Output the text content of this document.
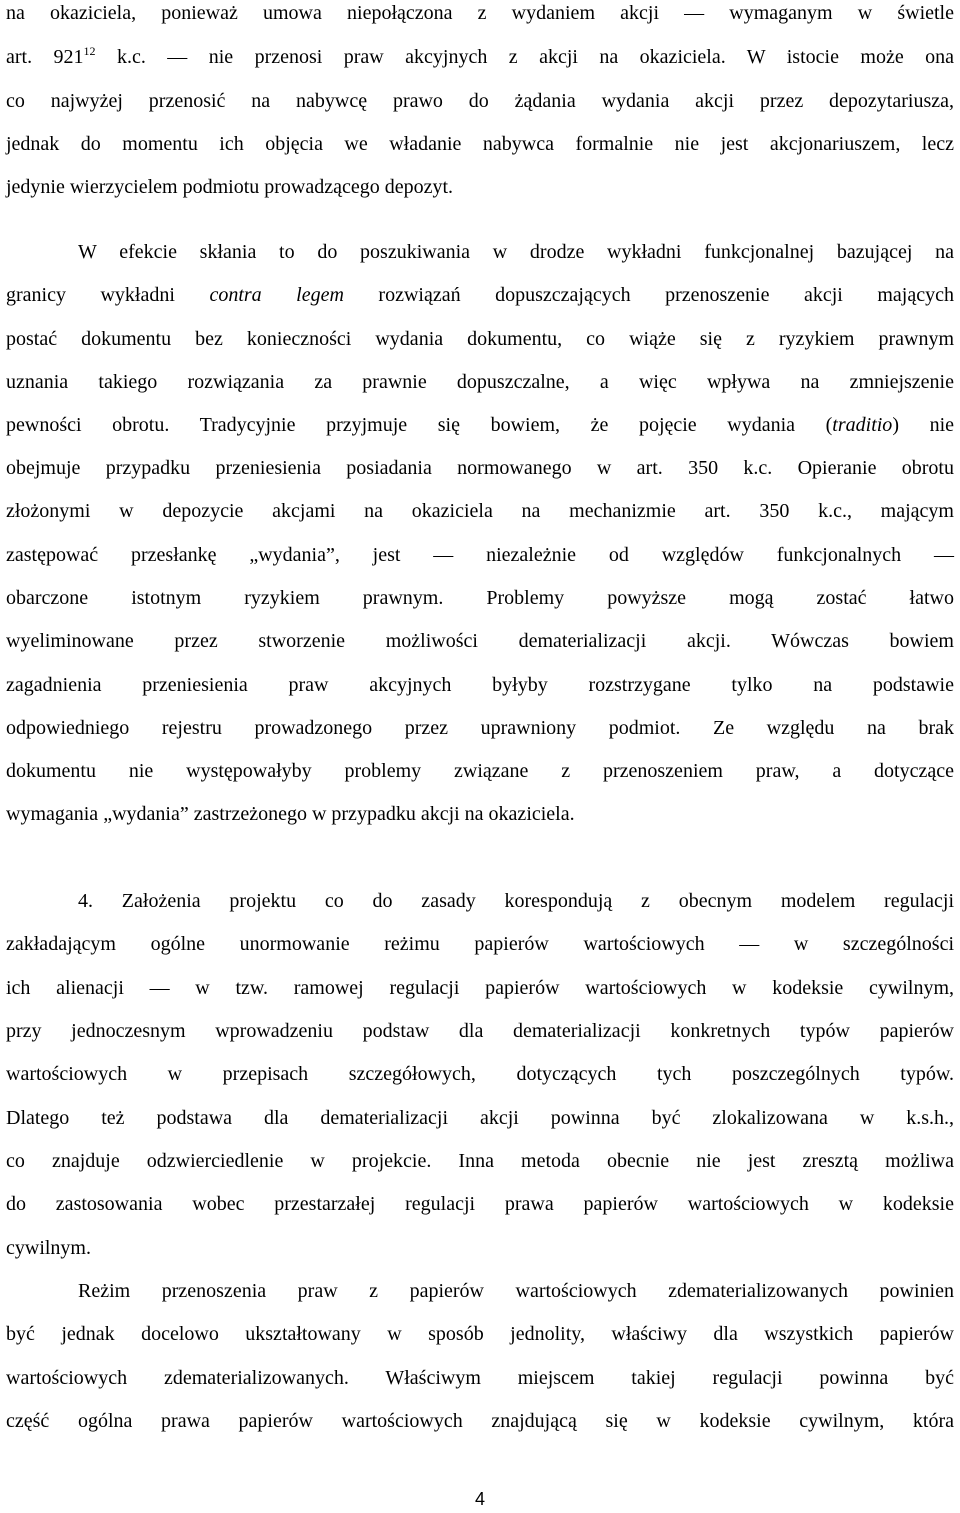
na okaziciela, ponieważ umowa niepołączona z wydaniem akcji — wymaganym w świetle
art. $921^{12}$ k.c. — nie przenosi praw akcyjnych z akcji na okaziciela. W istocie może ona
co najwyżej przenosić na nabywcę prawo do żądania wydania akcji przez depozytariusza,
jednak do momentu ich objęcia we władanie nabywca formalnie nie jest akcjonariuszem, lecz
jedynie wierzycielem podmiotu prowadzącego depozyt.
W efekcie skłania to do poszukiwania w drodze wykładni funkcjonalnej bazującej na
granicy wykładni contra legem rozwiązań dopuszczających przenoszenie akcji mających
postać dokumentu bez konieczności wydania dokumentu, co wiąże się z ryzykiem prawnym
uznania takiego rozwiązania za prawnie dopuszczalne, a więc wpływa na zmniejszenie
pewności obrotu. Tradycyjnie przyjmuje się bowiem, że pojęcie wydania (traditio) nie
obejmuje przypadku przeniesienia posiadania normowanego w art. 350 k.c. Opieranie obrotu
złożonymi w depozycie akcjami na okaziciela na mechanizmie art. 350 k.c., mającym
zastępować przesłankę „wydania”, jest — niezależnie od względów funkcjonalnych —
obarczone istotnym ryzykiem prawnym. Problemy powyższe mogą zostać łatwo
wyeliminowane przez stworzenie możliwości dematerializacji akcji. Wówczas bowiem
zagadnienia przeniesienia praw akcyjnych byłyby rozstrzygane tylko na podstawie
odpowiedniego rejestru prowadzonego przez uprawniony podmiot. Ze względu na brak
dokumentu nie występowałyby problemy związane z przenoszeniem praw, a dotyczące
wymagania „wydania” zastrzeżonego w przypadku akcji na okaziciela.
4. Założenia projektu co do zasady korespondują z obecnym modelem regulacji
zakładającym ogólne unormowanie reżimu papierów wartościowych — w szczególności
ich alienacji — w tzw. ramowej regulacji papierów wartościowych w kodeksie cywilnym,
przy jednoczesnym wprowadzeniu podstaw dla dematerializacji konkretnych typów papierów
wartościowych w przepisach szczegółowych, dotyczących tych poszczególnych typów.
Dlatego też podstawa dla dematerializacji akcji powinna być zlokalizowana w k.s.h.,
co znajduje odzwierciedlenie w projekcie. Inna metoda obecnie nie jest zresztą możliwa
do zastosowania wobec przestarzałej regulacji prawa papierów wartościowych w kodeksie
cywilnym.
Reżim przenoszenia praw z papierów wartościowych zdematerializowanych powinien
być jednak docelowo ukształtowany w sposób jednolity, właściwy dla wszystkich papierów
wartościowych zdematerializowanych. Właściwym miejscem takiej regulacji powinna być
część ogólna prawa papierów wartościowych znajdującą się w kodeksie cywilnym, która
4
